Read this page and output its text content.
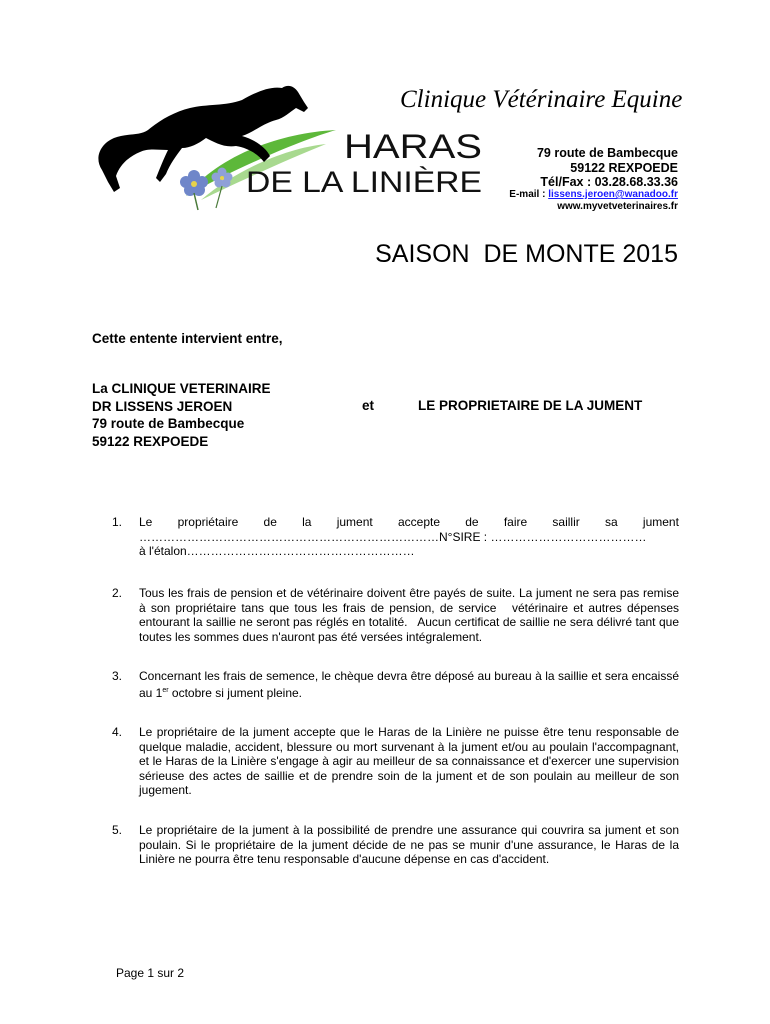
HARAS
DE LA LINIÈRE
Clinique Vétérinaire Equine
79 route de Bambecque
59122 REXPOEDE
Tél/Fax : 03.28.68.33.36
E-mail : lissens.jeroen@wanadoo.fr
www.myvetveterinaires.fr
SAISON  DE MONTE 2015
Cette entente intervient entre,
La CLINIQUE VETERINAIRE
DR LISSENS JEROEN
79 route de Bambecque
59122 REXPOEDE
et	LE PROPRIETAIRE DE LA JUMENT
1. Le propriétaire de la jument accepte de faire saillir sa jument
…………………………………………………………………N°SIRE : …………………………………
à l'étalon…………………………………………………
2. Tous les frais de pension et de vétérinaire doivent être payés de suite. La jument ne sera pas remise à son propriétaire tans que tous les frais de pension, de service   vétérinaire et autres dépenses entourant la saillie ne seront pas réglés en totalité.   Aucun certificat de saillie ne sera délivré tant que toutes les sommes dues n'auront pas été versées intégralement.
3. Concernant les frais de semence, le chèque devra être déposé au bureau à la saillie et sera encaissé au 1er octobre si jument pleine.
4. Le propriétaire de la jument accepte que le Haras de la Linière ne puisse être tenu responsable de quelque maladie, accident, blessure ou mort survenant à la jument et/ou au poulain l'accompagnant, et le Haras de la Linière s'engage à agir au meilleur de sa connaissance et d'exercer une supervision sérieuse des actes de saillie et de prendre soin de la jument et de son poulain au meilleur de son jugement.
5. Le propriétaire de la jument à la possibilité de prendre une assurance qui couvrira sa jument et son poulain. Si le propriétaire de la jument décide de ne pas se munir d'une assurance, le Haras de la Linière ne pourra être tenu responsable d'aucune dépense en cas d'accident.
Page 1 sur 2
